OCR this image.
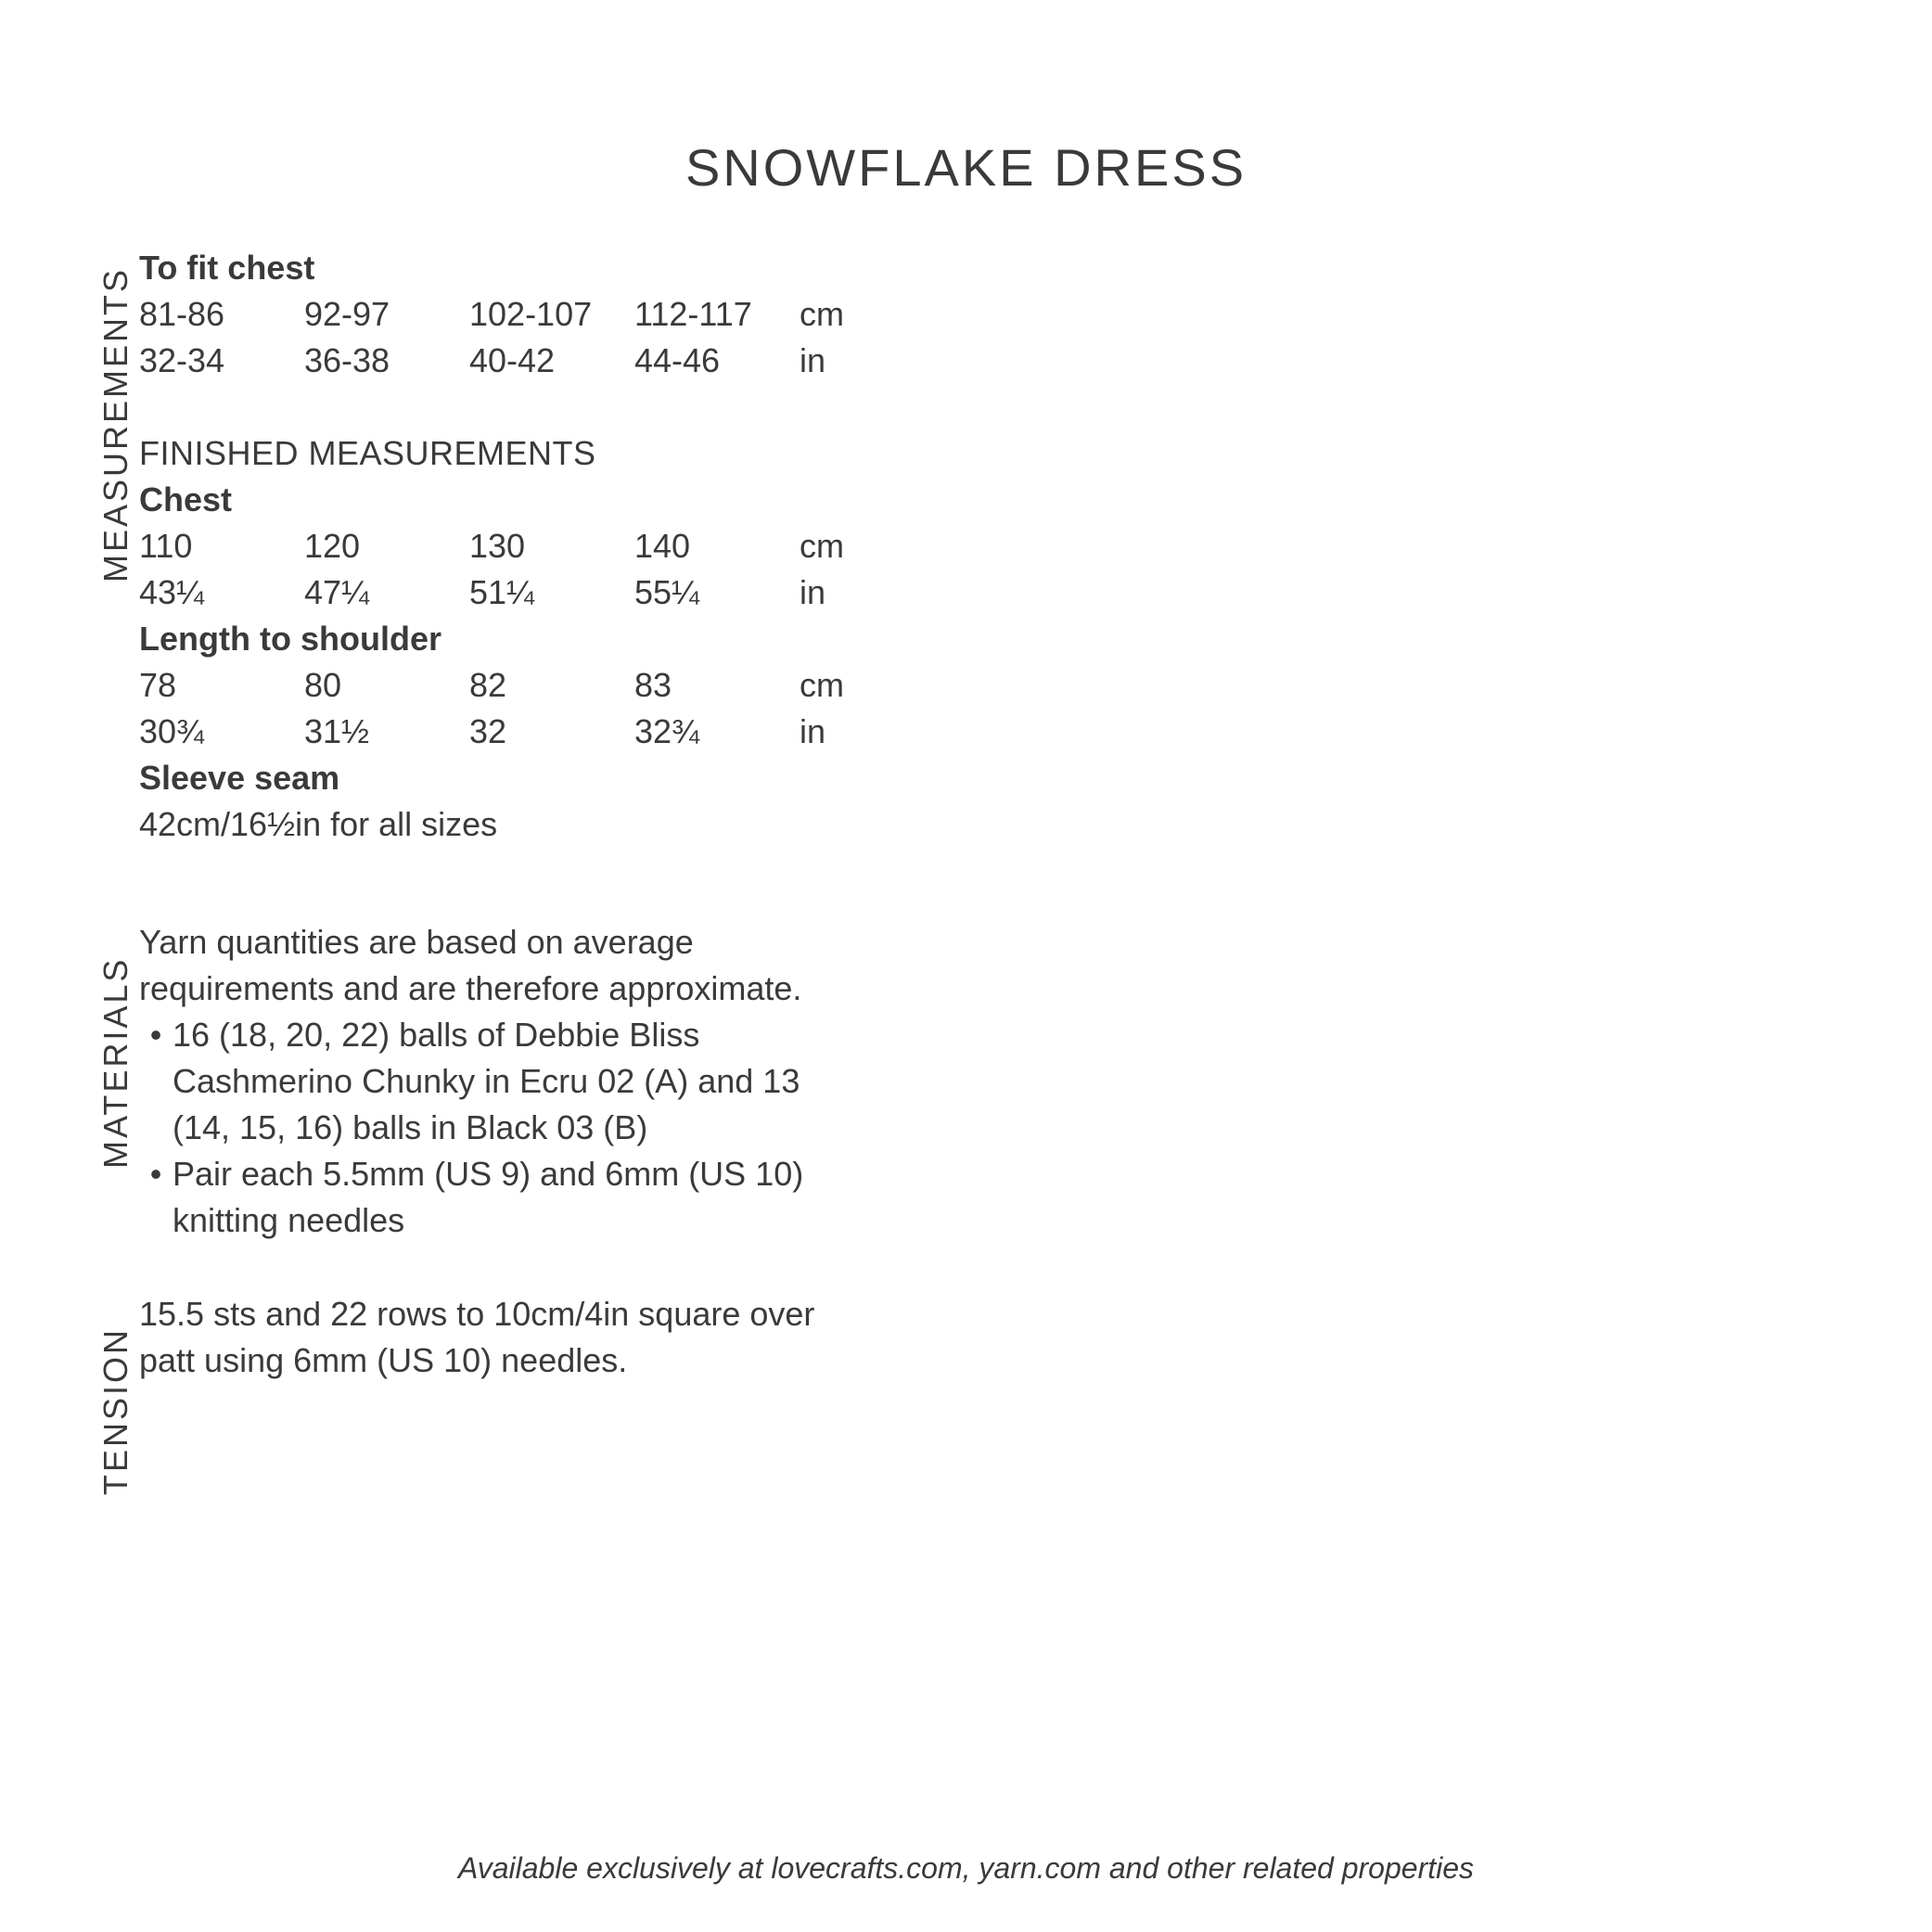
SNOWFLAKE DRESS
MEASUREMENTS
MATERIALS
TENSION
To fit chest
81-86	92-97	102-107	112-117	cm
32-34	36-38	40-42	44-46	in
FINISHED MEASUREMENTS
Chest
110	120	130	140	cm
43¼	47¼	51¼	55¼	in
Length to shoulder
78	80	82	83	cm
30¾	31½	32	32¾	in
Sleeve seam
42cm/16½in for all sizes
Yarn quantities are based on average
requirements and are therefore approximate.
• 16 (18, 20, 22) balls of Debbie Bliss
Cashmerino Chunky in Ecru 02 (A) and 13
(14, 15, 16) balls in Black 03 (B)
• Pair each 5.5mm (US 9) and 6mm (US 10)
knitting needles
15.5 sts and 22 rows to 10cm/4in square over
patt using 6mm (US 10) needles.
Available exclusively at lovecrafts.com, yarn.com and other related properties
